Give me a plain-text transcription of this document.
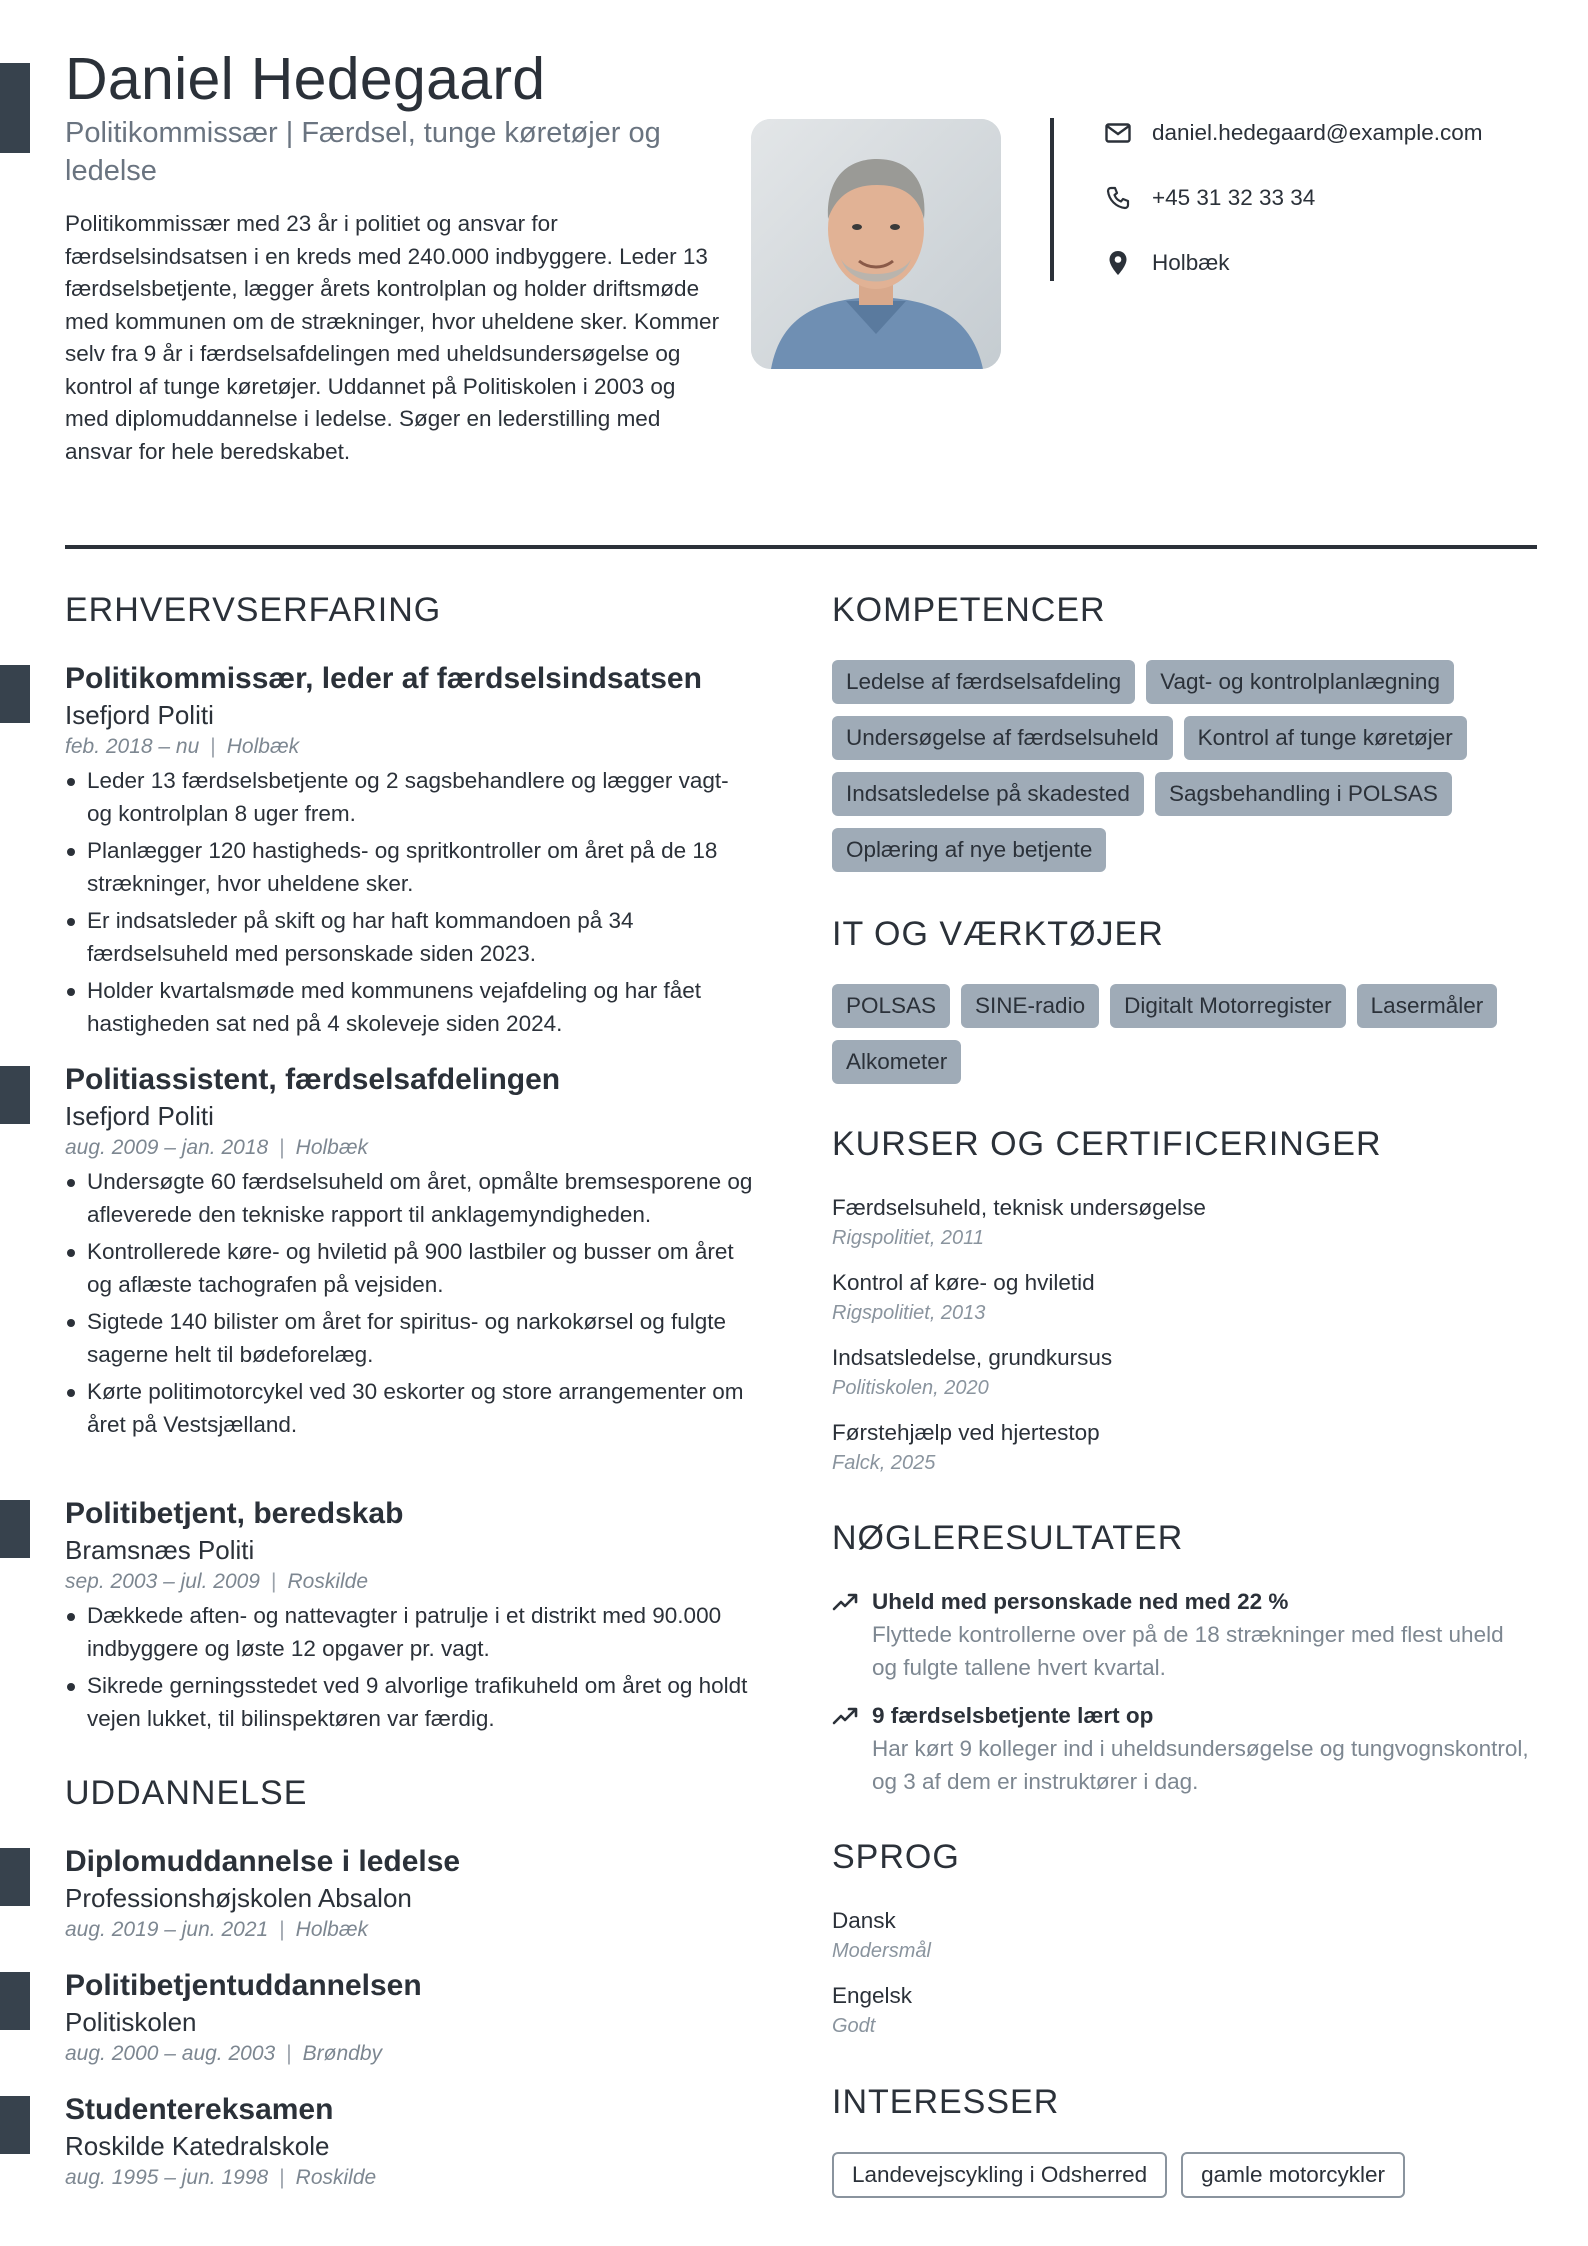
Daniel Hedegaard
Politikommissær | Færdsel, tunge køretøjer og ledelse
Politikommissær med 23 år i politiet og ansvar for færdselsindsatsen i en kreds med 240.000 indbyggere. Leder 13 færdselsbetjente, lægger årets kontrolplan og holder driftsmøde med kommunen om de strækninger, hvor uheldene sker. Kommer selv fra 9 år i færdselsafdelingen med uheldsundersøgelse og kontrol af tunge køretøjer. Uddannet på Politiskolen i 2003 og med diplomuddannelse i ledelse. Søger en lederstilling med ansvar for hele beredskabet.
daniel.hedegaard@example.com
+45 31 32 33 34
Holbæk
ERHVERVSERFARING
Politikommissær, leder af færdselsindsatsen
Isefjord Politi
feb. 2018 – nu | Holbæk
Leder 13 færdselsbetjente og 2 sagsbehandlere og lægger vagt- og kontrolplan 8 uger frem.
Planlægger 120 hastigheds- og spritkontroller om året på de 18 strækninger, hvor uheldene sker.
Er indsatsleder på skift og har haft kommandoen på 34 færdselsuheld med personskade siden 2023.
Holder kvartalsmøde med kommunens vejafdeling og har fået hastigheden sat ned på 4 skoleveje siden 2024.
Politiassistent, færdselsafdelingen
Isefjord Politi
aug. 2009 – jan. 2018 | Holbæk
Undersøgte 60 færdselsuheld om året, opmålte bremsesporene og afleverede den tekniske rapport til anklagemyndigheden.
Kontrollerede køre- og hviletid på 900 lastbiler og busser om året og aflæste tachografen på vejsiden.
Sigtede 140 bilister om året for spiritus- og narkokørsel og fulgte sagerne helt til bødeforelæg.
Kørte politimotorcykel ved 30 eskorter og store arrangementer om året på Vestsjælland.
Politibetjent, beredskab
Bramsnæs Politi
sep. 2003 – jul. 2009 | Roskilde
Dækkede aften- og nattevagter i patrulje i et distrikt med 90.000 indbyggere og løste 12 opgaver pr. vagt.
Sikrede gerningsstedet ved 9 alvorlige trafikuheld om året og holdt vejen lukket, til bilinspektøren var færdig.
UDDANNELSE
Diplomuddannelse i ledelse
Professionshøjskolen Absalon
aug. 2019 – jun. 2021 | Holbæk
Politibetjentuddannelsen
Politiskolen
aug. 2000 – aug. 2003 | Brøndby
Studentereksamen
Roskilde Katedralskole
aug. 1995 – jun. 1998 | Roskilde
KOMPETENCER
Ledelse af færdselsafdeling	Vagt- og kontrolplanlægning
Undersøgelse af færdselsuheld	Kontrol af tunge køretøjer
Indsatsledelse på skadested	Sagsbehandling i POLSAS
Oplæring af nye betjente
IT OG VÆRKTØJER
POLSAS	SINE-radio	Digitalt Motorregister	Lasermåler
Alkometer
KURSER OG CERTIFICERINGER
Færdselsuheld, teknisk undersøgelse
Rigspolitiet, 2011
Kontrol af køre- og hviletid
Rigspolitiet, 2013
Indsatsledelse, grundkursus
Politiskolen, 2020
Førstehjælp ved hjertestop
Falck, 2025
NØGLERESULTATER
Uheld med personskade ned med 22 %
Flyttede kontrollerne over på de 18 strækninger med flest uheld og fulgte tallene hvert kvartal.
9 færdselsbetjente lært op
Har kørt 9 kolleger ind i uheldsundersøgelse og tungvognskontrol, og 3 af dem er instruktører i dag.
SPROG
Dansk
Modersmål
Engelsk
Godt
INTERESSER
Landevejscykling i Odsherred	gamle motorcykler
